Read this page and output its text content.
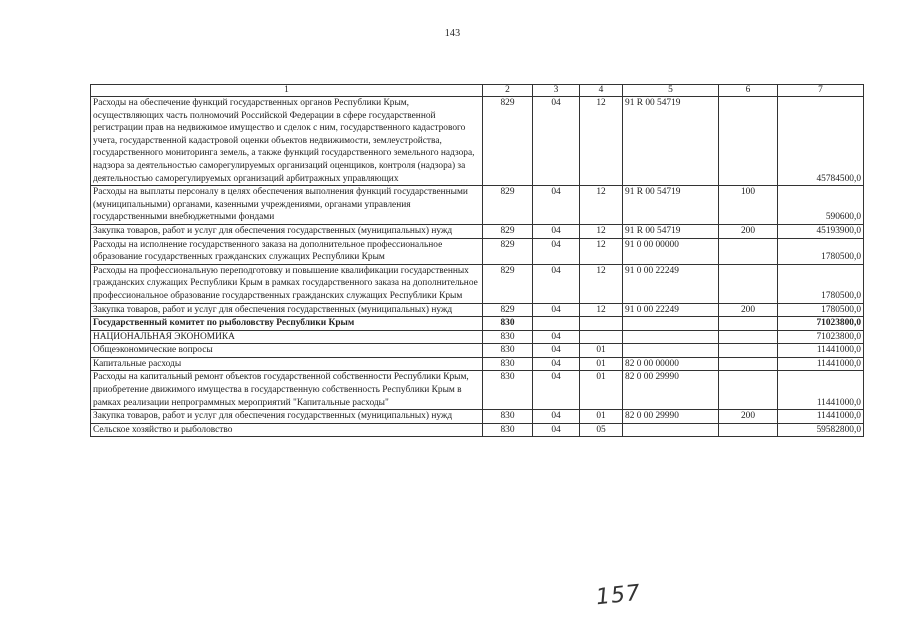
143
1	2	3	4	5	6	7
Расходы на обеспечение функций государственных органов Республики Крым, осуществляющих часть полномочий Российской Федерации в сфере государственной регистрации прав на недвижимое имущество и сделок с ним, государственного кадастрового учета, государственной кадастровой оценки объектов недвижимости, землеустройства, государственного мониторинга земель, а также функций государственного земельного надзора, надзора за деятельностью саморегулируемых организаций оценщиков, контроля (надзора) за деятельностью саморегулируемых организаций арбитражных управляющих	829	04	12	91 R 00 54719		45784500,0
Расходы на выплаты персоналу в целях обеспечения выполнения функций государственными (муниципальными) органами, казенными учреждениями, органами управления государственными внебюджетными фондами	829	04	12	91 R 00 54719	100	590600,0
Закупка товаров, работ и услуг для обеспечения государственных (муниципальных) нужд	829	04	12	91 R 00 54719	200	45193900,0
Расходы на исполнение государственного заказа на дополнительное профессиональное образование государственных гражданских служащих Республики Крым	829	04	12	91 0 00 00000		1780500,0
Расходы на профессиональную переподготовку и повышение квалификации государственных гражданских служащих Республики Крым в рамках государственного заказа на дополнительное профессиональное образование государственных гражданских служащих Республики Крым	829	04	12	91 0 00 22249		1780500,0
Закупка товаров, работ и услуг для обеспечения государственных (муниципальных) нужд	829	04	12	91 0 00 22249	200	1780500,0
Государственный комитет по рыболовству Республики Крым	830					71023800,0
НАЦИОНАЛЬНАЯ ЭКОНОМИКА	830	04				71023800,0
Общеэкономические вопросы	830	04	01			11441000,0
Капитальные расходы	830	04	01	82 0 00 00000		11441000,0
Расходы на капитальный ремонт объектов государственной собственности Республики Крым, приобретение движимого имущества в государственную собственность Республики Крым в рамках реализации непрограммных мероприятий "Капитальные расходы"	830	04	01	82 0 00 29990		11441000,0
Закупка товаров, работ и услуг для обеспечения государственных (муниципальных) нужд	830	04	01	82 0 00 29990	200	11441000,0
Сельское хозяйство и рыболовство	830	04	05			59582800,0
157
